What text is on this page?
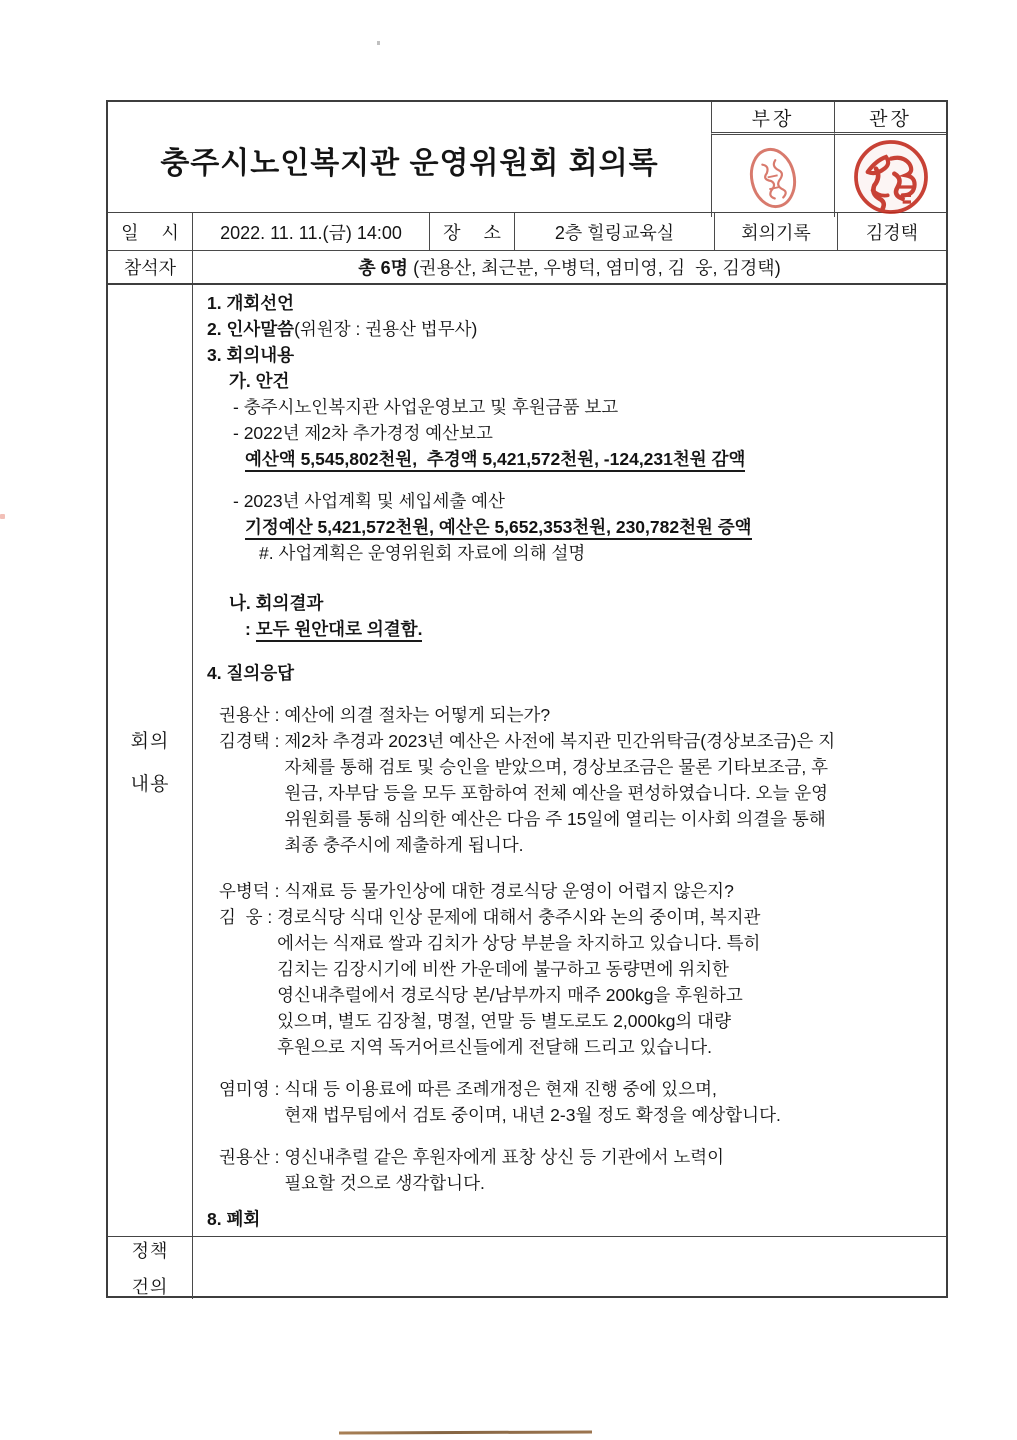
충주시노인복지관 운영위원회 회의록
부장	관장
일 시	2022. 11. 11.(금) 14:00	장 소	2층 힐링교육실	회의기록	김경택
참석자	총 6명 (권용산, 최근분, 우병덕, 염미영, 김  웅, 김경택)
회의
내용
1. 개회선언
2. 인사말씀(위원장 : 권용산 법무사)
3. 회의내용
가. 안건
- 충주시노인복지관 사업운영보고 및 후원금품 보고
- 2022년 제2차 추가경정 예산보고
예산액 5,545,802천원,  추경액 5,421,572천원, -124,231천원 감액
- 2023년 사업계획 및 세입세출 예산
기정예산 5,421,572천원, 예산은 5,652,353천원, 230,782천원 증액
#. 사업계획은 운영위원회 자료에 의해 설명
나. 회의결과
: 모두 원안대로 의결함.
4. 질의응답
권용산 : 예산에 의결 절차는 어떻게 되는가?
김경택 : 제2차 추경과 2023년 예산은 사전에 복지관 민간위탁금(경상보조금)은 지
자체를 통해 검토 및 승인을 받았으며, 경상보조금은 물론 기타보조금, 후
원금, 자부담 등을 모두 포함하여 전체 예산을 편성하였습니다. 오늘 운영
위원회를 통해 심의한 예산은 다음 주 15일에 열리는 이사회 의결을 통해
최종 충주시에 제출하게 됩니다.
우병덕 : 식재료 등 물가인상에 대한 경로식당 운영이 어렵지 않은지?
김  웅 : 경로식당 식대 인상 문제에 대해서 충주시와 논의 중이며, 복지관
에서는 식재료 쌀과 김치가 상당 부분을 차지하고 있습니다. 특히
김치는 김장시기에 비싼 가운데에 불구하고 동량면에 위치한
영신내추럴에서 경로식당 본/남부까지 매주 200kg을 후원하고
있으며, 별도 김장철, 명절, 연말 등 별도로도 2,000kg의 대량
후원으로 지역 독거어르신들에게 전달해 드리고 있습니다.
염미영 : 식대 등 이용료에 따른 조례개정은 현재 진행 중에 있으며,
현재 법무팀에서 검토 중이며, 내년 2-3월 정도 확정을 예상합니다.
권용산 : 영신내추럴 같은 후원자에게 표창 상신 등 기관에서 노력이
필요할 것으로 생각합니다.
8. 폐회
정책
건의
